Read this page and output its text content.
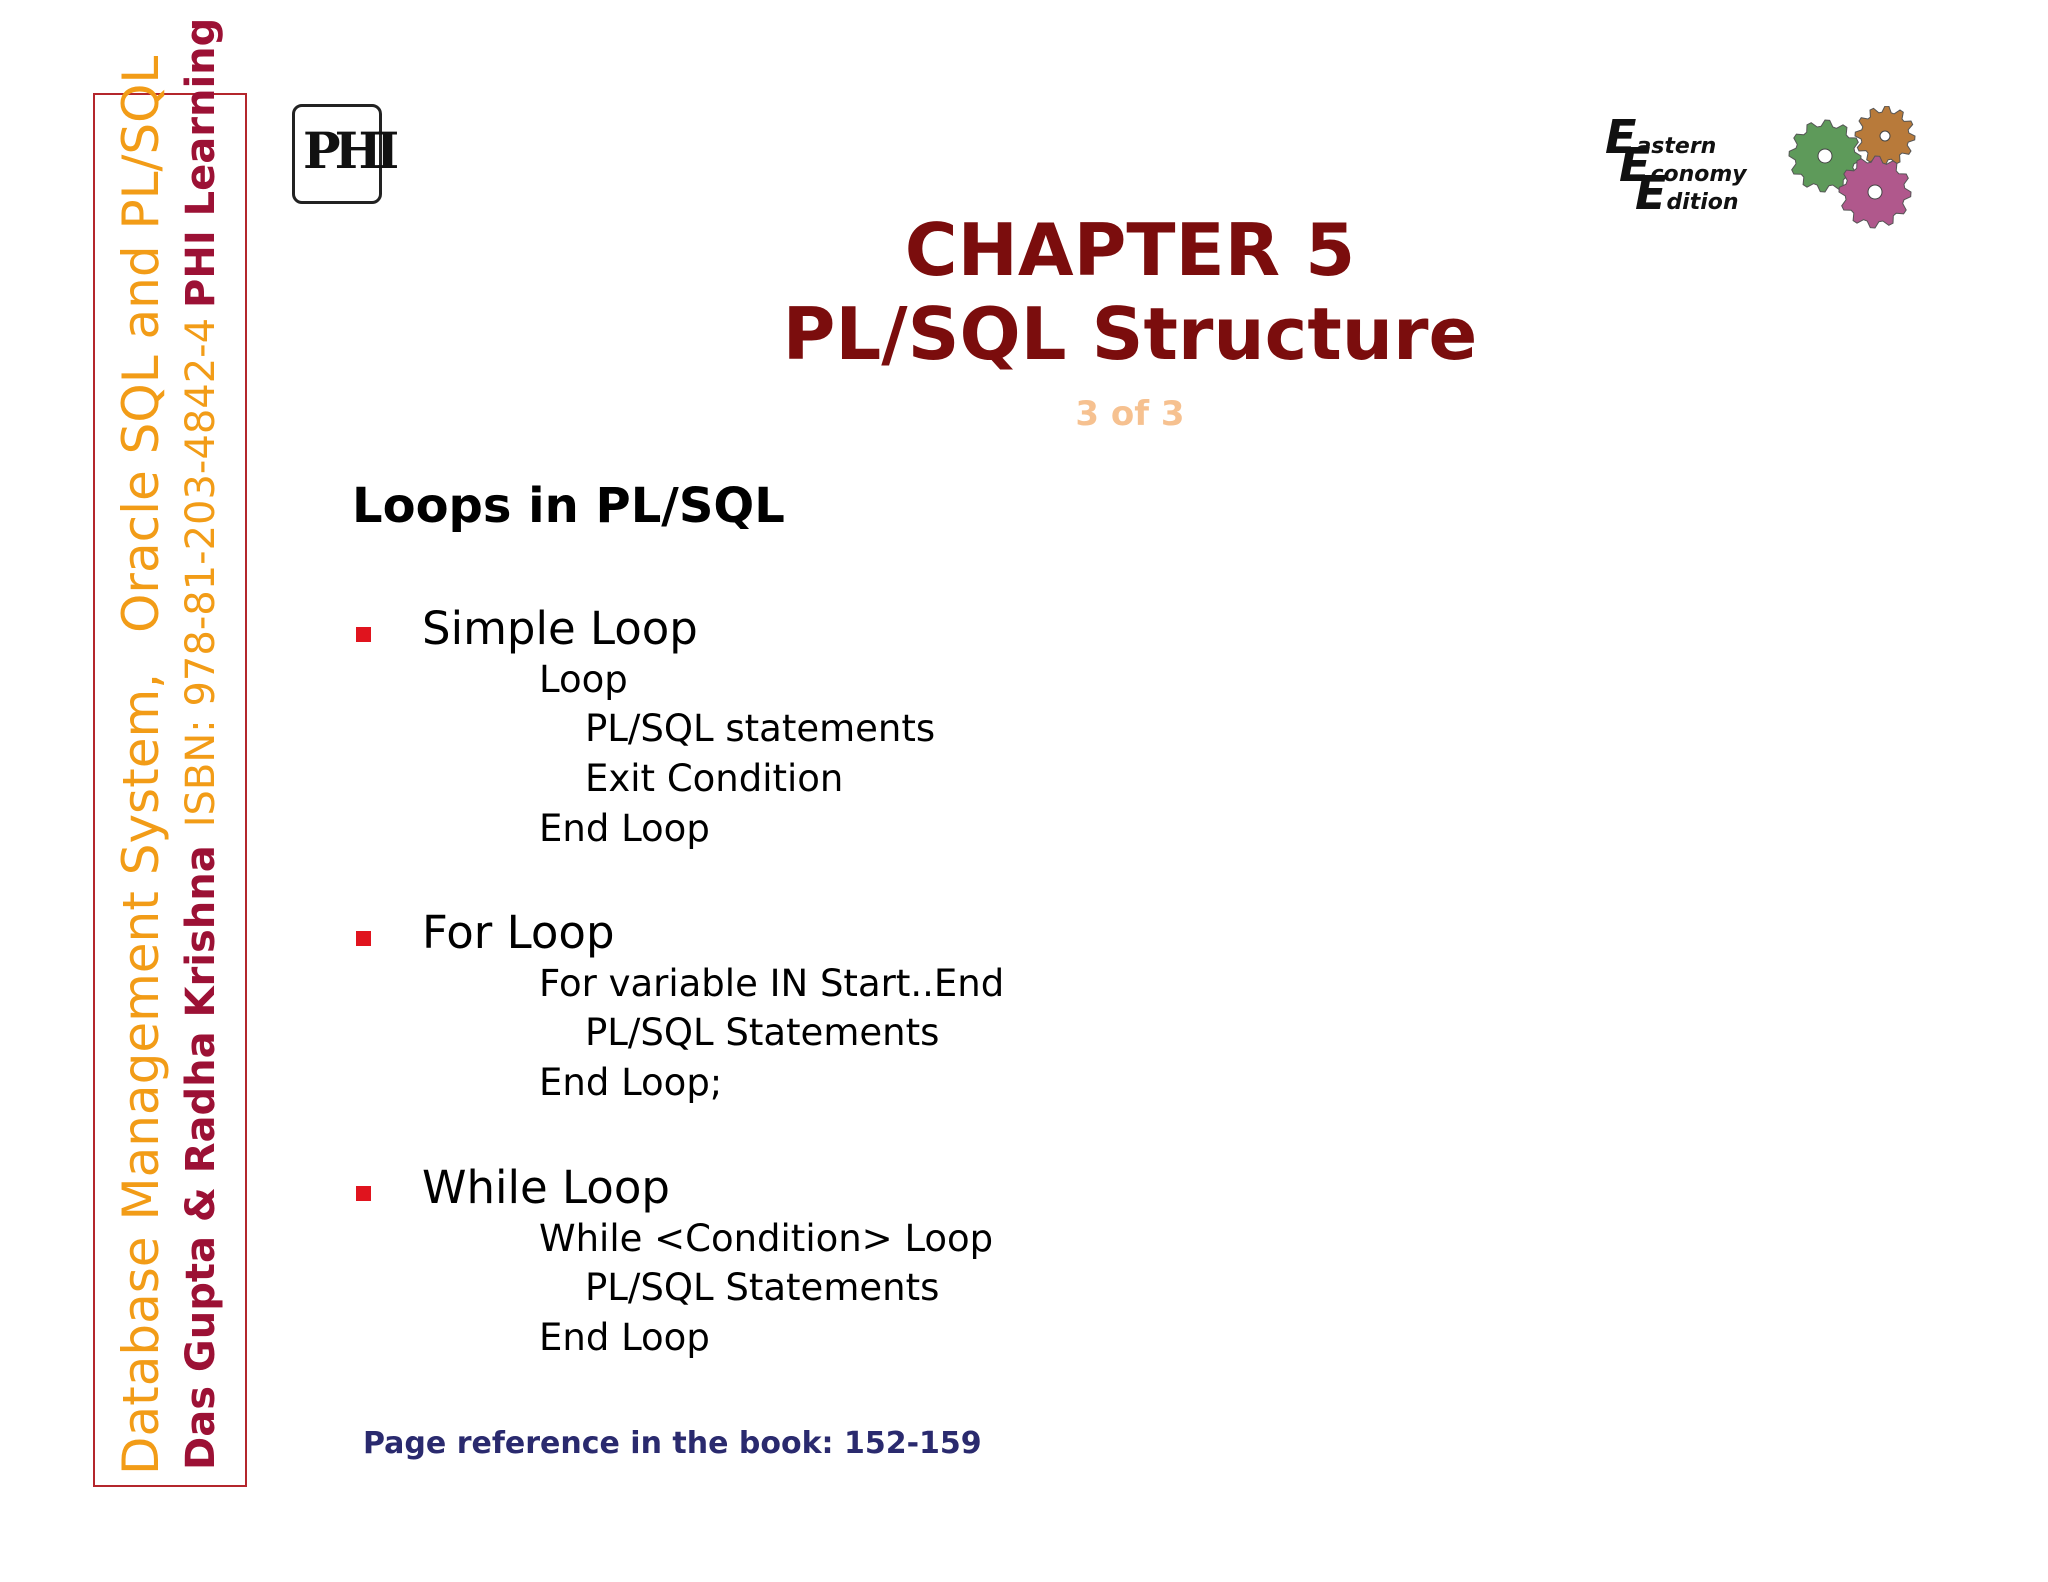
Database Management System,Oracle SQL and PL/SQL
Das Gupta & Radha KrishnaISBN: 978-81-203-4842-4PHI Learning PHI	Eastern
Economy
Edition
CHAPTER 5
PL/SQL Structure
3 of 3
Loops in PL/SQL
Simple Loop
Loop
PL/SQL statements
Exit Condition
End Loop
For Loop
For variable IN Start..End
PL/SQL Statements
End Loop;
While Loop
While <Condition> Loop
PL/SQL Statements
End Loop
Page reference in the book: 152-159
